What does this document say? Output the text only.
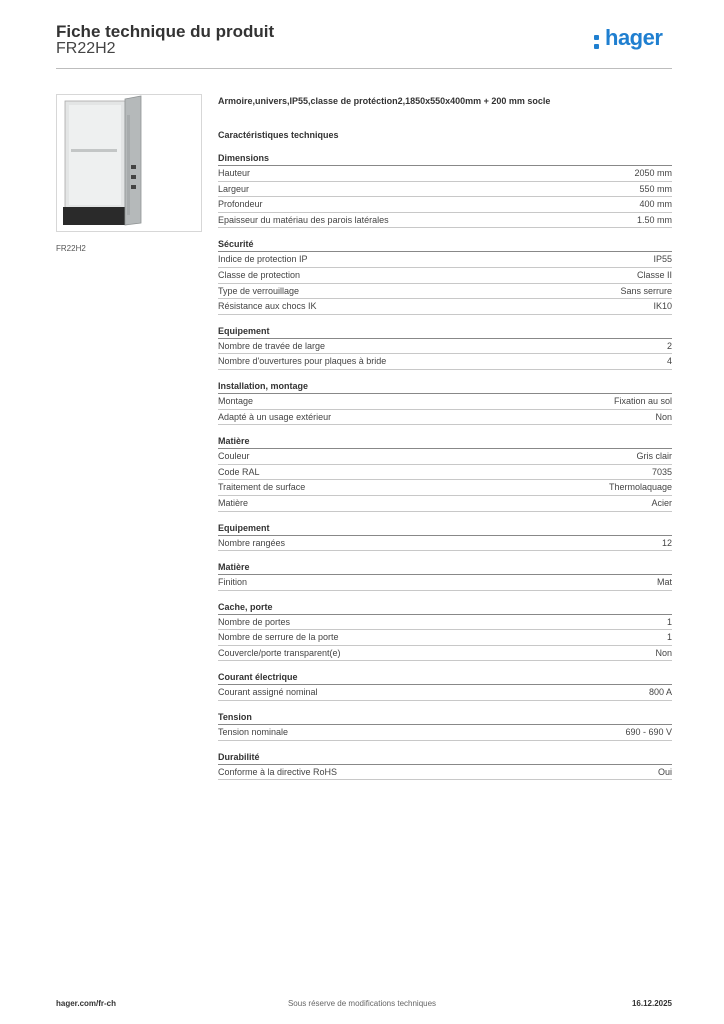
Fiche technique du produit
FR22H2	hager
FR22H2
Armoire,univers,IP55,classe de protéction2,1850x550x400mm + 200 mm socle
Caractéristiques techniques
Dimensions
Hauteur	2050 mm
Largeur	550 mm
Profondeur	400 mm
Epaisseur du matériau des parois latérales	1.50 mm
Sécurité
Indice de protection IP	IP55
Classe de protection	Classe II
Type de verrouillage	Sans serrure
Résistance aux chocs IK	IK10
Equipement
Nombre de travée de large	2
Nombre d'ouvertures pour plaques à bride	4
Installation, montage
Montage	Fixation au sol
Adapté à un usage extérieur	Non
Matière
Couleur	Gris clair
Code RAL	7035
Traitement de surface	Thermolaquage
Matière	Acier
Equipement
Nombre rangées	12
Matière
Finition	Mat
Cache, porte
Nombre de portes	1
Nombre de serrure de la porte	1
Couvercle/porte transparent(e)	Non
Courant électrique
Courant assigné nominal	800 A
Tension
Tension nominale	690 - 690 V
Durabilité
Conforme à la directive RoHS	Oui
hager.com/fr-ch	Sous réserve de modifications techniques	16.12.2025
